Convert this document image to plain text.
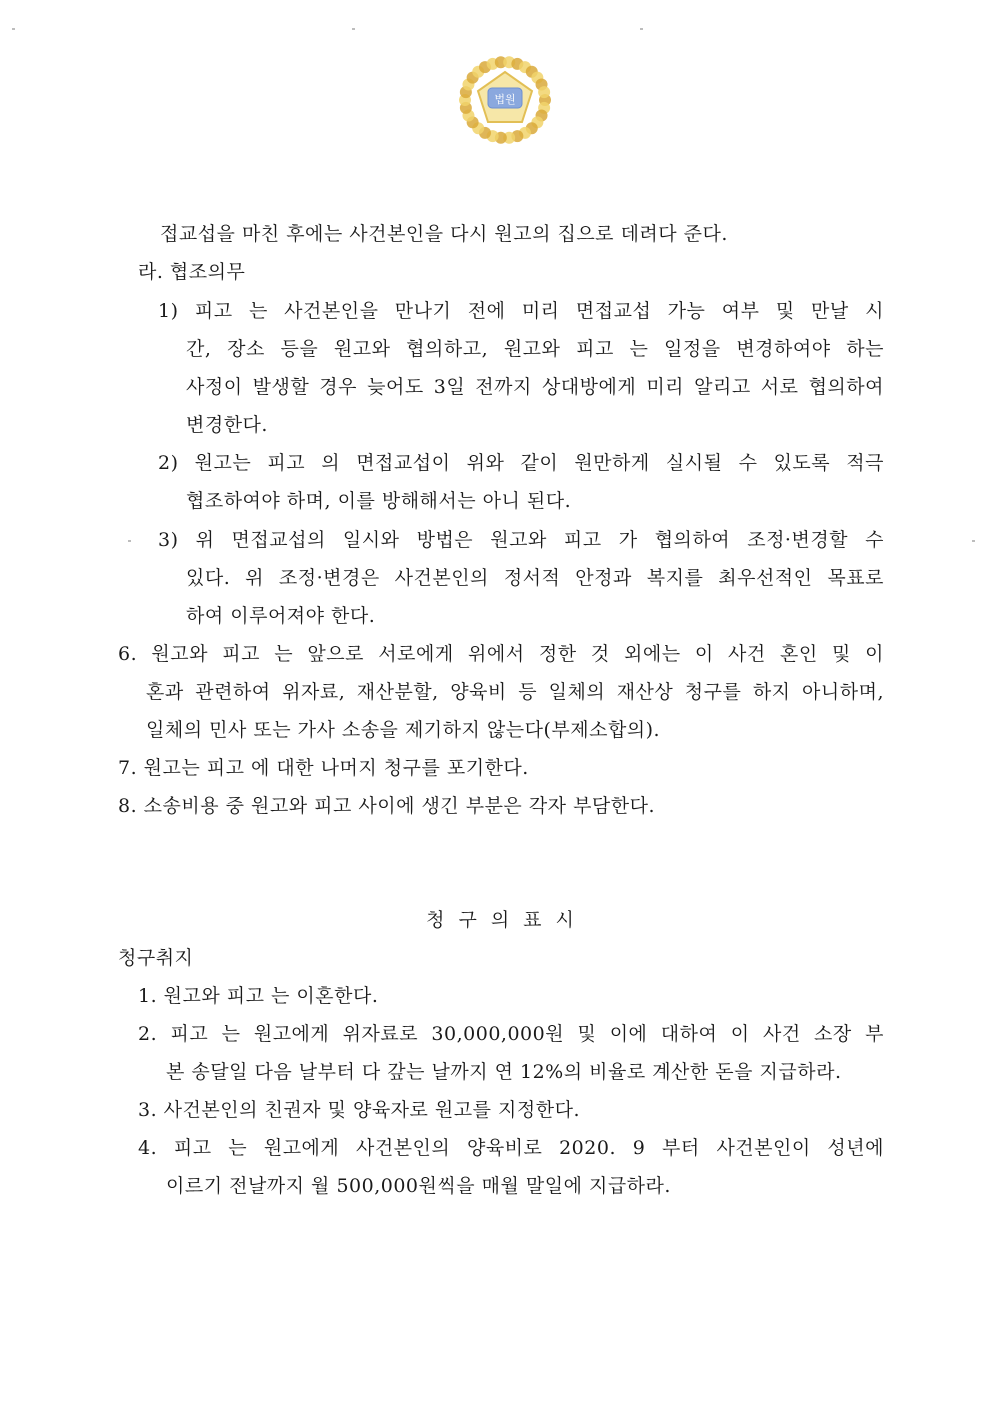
법원
접교섭을 마친 후에는 사건본인을 다시 원고의 집으로 데려다 준다.
라. 협조의무
1) 피고 는 사건본인을 만나기 전에 미리 면접교섭 가능 여부 및 만날 시
간, 장소 등을 원고와 협의하고, 원고와 피고 는 일정을 변경하여야 하는
사정이 발생할 경우 늦어도 3일 전까지 상대방에게 미리 알리고 서로 협의하여
변경한다.
2) 원고는 피고 의 면접교섭이 위와 같이 원만하게 실시될 수 있도록 적극
협조하여야 하며, 이를 방해해서는 아니 된다.
3) 위 면접교섭의 일시와 방법은 원고와 피고 가 협의하여 조정·변경할 수
있다. 위 조정·변경은 사건본인의 정서적 안정과 복지를 최우선적인 목표로
하여 이루어져야 한다.
6. 원고와 피고 는 앞으로 서로에게 위에서 정한 것 외에는 이 사건 혼인 및 이
혼과 관련하여 위자료, 재산분할, 양육비 등 일체의 재산상 청구를 하지 아니하며,
일체의 민사 또는 가사 소송을 제기하지 않는다(부제소합의).
7. 원고는 피고 에 대한 나머지 청구를 포기한다.
8. 소송비용 중 원고와 피고 사이에 생긴 부분은 각자 부담한다.
청구의표시
청구취지
1. 원고와 피고 는 이혼한다.
2. 피고 는 원고에게 위자료로 30,000,000원 및 이에 대하여 이 사건 소장 부
본 송달일 다음 날부터 다 갚는 날까지 연 12%의 비율로 계산한 돈을 지급하라.
3. 사건본인의 친권자 및 양육자로 원고를 지정한다.
4. 피고 는 원고에게 사건본인의 양육비로 2020. 9 부터 사건본인이 성년에
이르기 전날까지 월 500,000원씩을 매월 말일에 지급하라.
